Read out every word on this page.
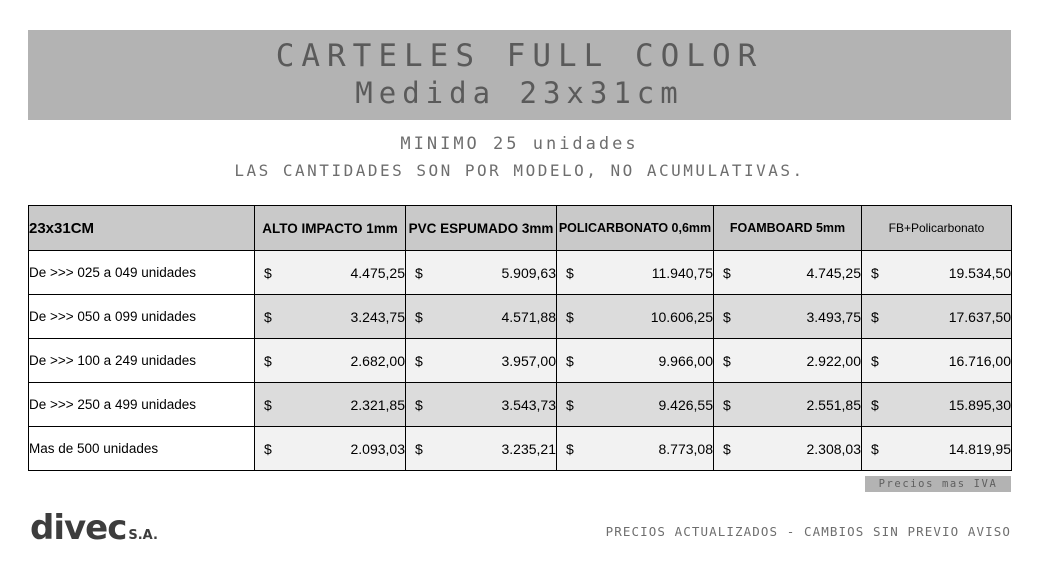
CARTELES FULL COLOR
Medida 23x31cm
MINIMO 25 unidades
LAS CANTIDADES SON POR MODELO, NO ACUMULATIVAS.
23x31CM	ALTO IMPACTO 1mm	PVC ESPUMADO 3mm	POLICARBONATO 0,6mm	FOAMBOARD 5mm	FB+Policarbonato
De >>> 025 a 049 unidades	$ 4.475,25	$ 5.909,63	$ 11.940,75	$ 4.745,25	$ 19.534,50

De >>> 050 a 099 unidades	$ 3.243,75	$ 4.571,88	$ 10.606,25	$ 3.493,75	$ 17.637,50

De >>> 100 a 249 unidades	$ 2.682,00	$ 3.957,00	$ 9.966,00	$ 2.922,00	$ 16.716,00

De >>> 250 a 499 unidades	$ 2.321,85	$ 3.543,73	$ 9.426,55	$ 2.551,85	$ 15.895,30

Mas de 500 unidades	$ 2.093,03	$ 3.235,21	$ 8.773,08	$ 2.308,03	$ 14.819,95
Precios mas IVA
divec S.A.	PRECIOS ACTUALIZADOS - CAMBIOS SIN PREVIO AVISO
